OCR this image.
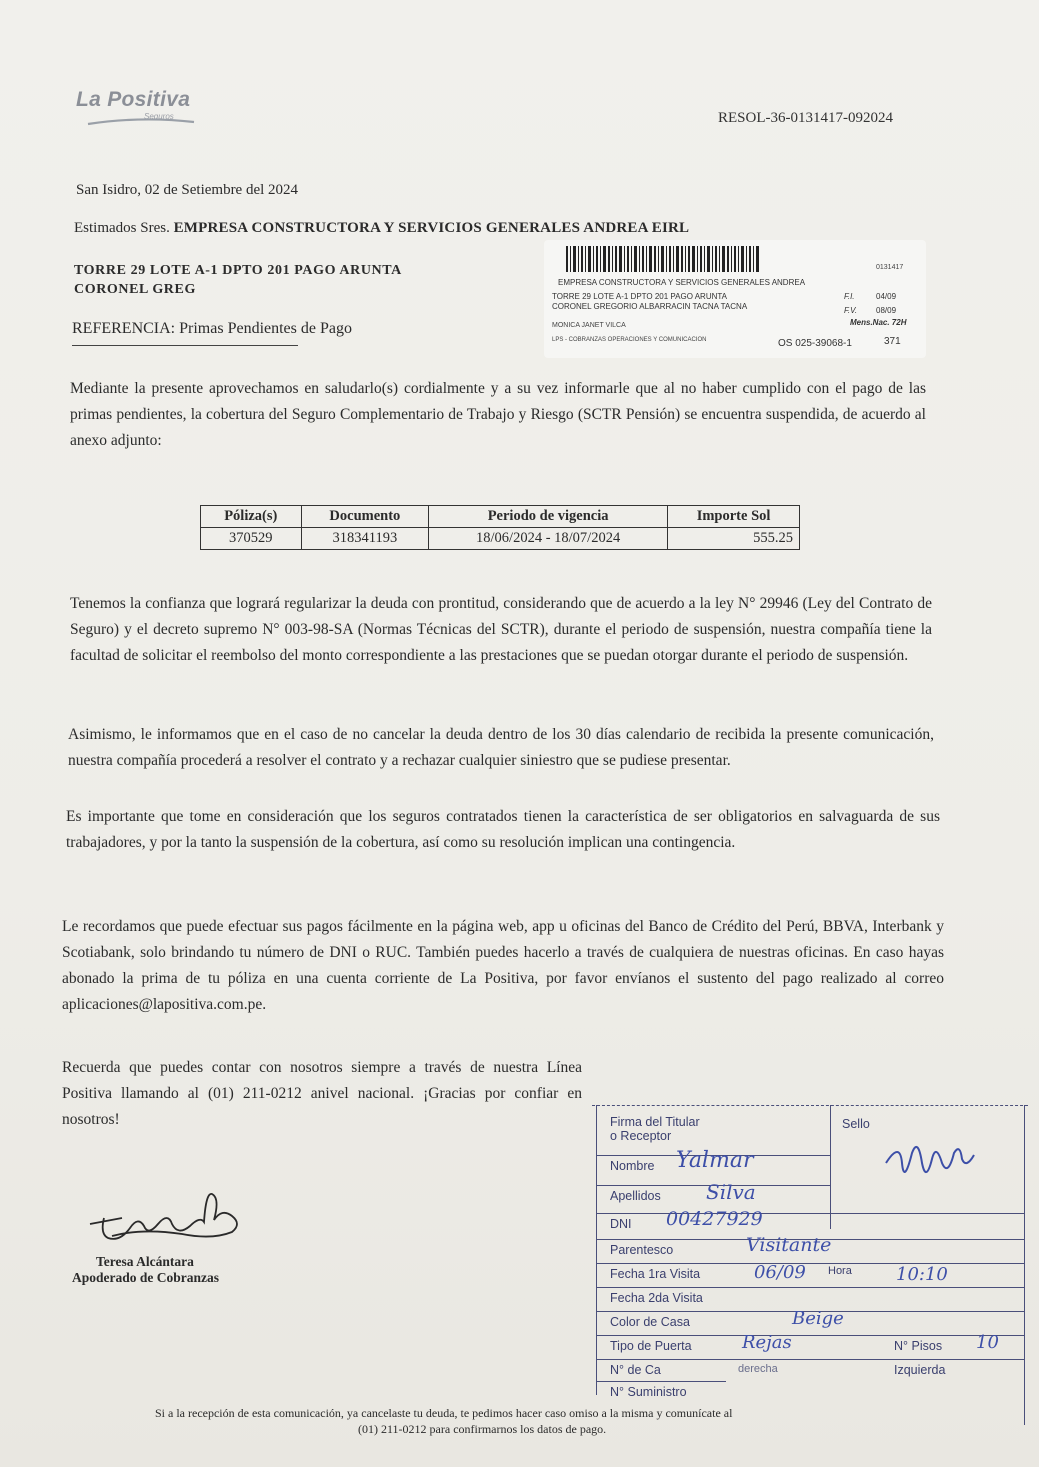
La Positiva
Seguros	RESOL-36-0131417-092024
San Isidro, 02 de Setiembre del 2024
Estimados Sres. EMPRESA CONSTRUCTORA Y SERVICIOS GENERALES ANDREA EIRL
TORRE 29 LOTE A-1 DPTO 201 PAGO ARUNTA
CORONEL GREG
REFERENCIA: Primas Pendientes de Pago
0131417
EMPRESA CONSTRUCTORA Y SERVICIOS GENERALES ANDREA
TORRE 29 LOTE A-1 DPTO 201 PAGO ARUNTA
CORONEL GREGORIO ALBARRACIN TACNA TACNA
F.I.	04/09
F.V. 08/09
MONICA JANET VILCA	Mens.Nac. 72H
LPS - COBRANZAS OPERACIONES Y COMUNICACION	OS 025-39068-1	371
Mediante la presente aprovechamos en saludarlo(s) cordialmente y a su vez informarle que al no haber cumplido con el pago de las primas pendientes, la cobertura del Seguro Complementario de Trabajo y Riesgo (SCTR Pensión) se encuentra suspendida, de acuerdo al anexo adjunto:
Póliza(s)	Documento	Periodo de vigencia	Importe Sol
370529	318341193	18/06/2024 - 18/07/2024	555.25
Tenemos la confianza que logrará regularizar la deuda con prontitud, considerando que de acuerdo a la ley N° 29946 (Ley del Contrato de Seguro) y el decreto supremo N° 003-98-SA (Normas Técnicas del SCTR), durante el periodo de suspensión, nuestra compañía tiene la facultad de solicitar el reembolso del monto correspondiente a las prestaciones que se puedan otorgar durante el periodo de suspensión.
Asimismo, le informamos que en el caso de no cancelar la deuda dentro de los 30 días calendario de recibida la presente comunicación, nuestra compañía procederá a resolver el contrato y a rechazar cualquier siniestro que se pudiese presentar.
Es importante que tome en consideración que los seguros contratados tienen la característica de ser obligatorios en salvaguarda de sus trabajadores, y por la tanto la suspensión de la cobertura, así como su resolución implican una contingencia.
Le recordamos que puede efectuar sus pagos fácilmente en la página web, app u oficinas del Banco de Crédito del Perú, BBVA, Interbank y Scotiabank, solo brindando tu número de DNI o RUC. También puedes hacerlo a través de cualquiera de nuestras oficinas. En caso hayas abonado la prima de tu póliza en una cuenta corriente de La Positiva, por favor envíanos el sustento del pago realizado al correo aplicaciones@lapositiva.com.pe.
Recuerda que puedes contar con nosotros siempre a través de nuestra Línea Positiva llamando al (01) 211-0212 anivel nacional. ¡Gracias por confiar en nosotros!
Teresa Alcántara
Apoderado de Cobranzas
Firma del Titular
o Receptor
Sello
Nombre Yalmar
Apellidos Silva
DNI 00427929
Parentesco	Visitante
Fecha 1ra Visita	06/09 Hora 10:10
Fecha 2da Visita
Color de Casa	Beige
Tipo de Puerta	Rejas	N° Pisos 10
N° de Ca	derecha	Izquierda
N° Suministro
Si a la recepción de esta comunicación, ya cancelaste tu deuda, te pedimos hacer caso omiso a la misma y comunícate al
(01) 211-0212 para confirmarnos los datos de pago.
